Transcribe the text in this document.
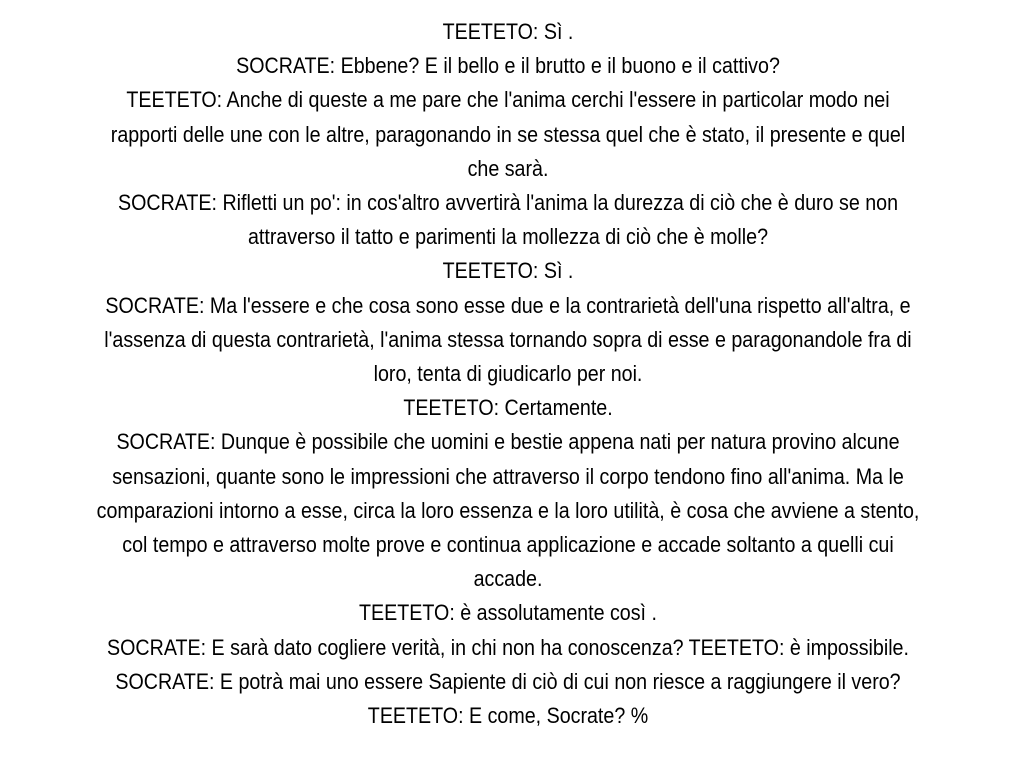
TEETETO: Sì .
SOCRATE: Ebbene? E il bello e il brutto e il buono e il cattivo?
TEETETO: Anche di queste a me pare che l'anima cerchi l'essere in particolar modo nei
rapporti delle une con le altre, paragonando in se stessa quel che è stato, il presente e quel
che sarà.
SOCRATE: Rifletti un po': in cos'altro avvertirà l'anima la durezza di ciò che è duro se non
attraverso il tatto e parimenti la mollezza di ciò che è molle?
TEETETO: Sì .
SOCRATE: Ma l'essere e che cosa sono esse due e la contrarietà dell'una rispetto all'altra, e
l'assenza di questa contrarietà, l'anima stessa tornando sopra di esse e paragonandole fra di
loro, tenta di giudicarlo per noi.
TEETETO: Certamente.
SOCRATE: Dunque è possibile che uomini e bestie appena nati per natura provino alcune
sensazioni, quante sono le impressioni che attraverso il corpo tendono fino all'anima. Ma le
comparazioni intorno a esse, circa la loro essenza e la loro utilità, è cosa che avviene a stento,
col tempo e attraverso molte prove e continua applicazione e accade soltanto a quelli cui
accade.
TEETETO: è assolutamente così .
SOCRATE: E sarà dato cogliere verità, in chi non ha conoscenza? TEETETO: è impossibile.
SOCRATE: E potrà mai uno essere Sapiente di ciò di cui non riesce a raggiungere il vero?
TEETETO: E come, Socrate? %
